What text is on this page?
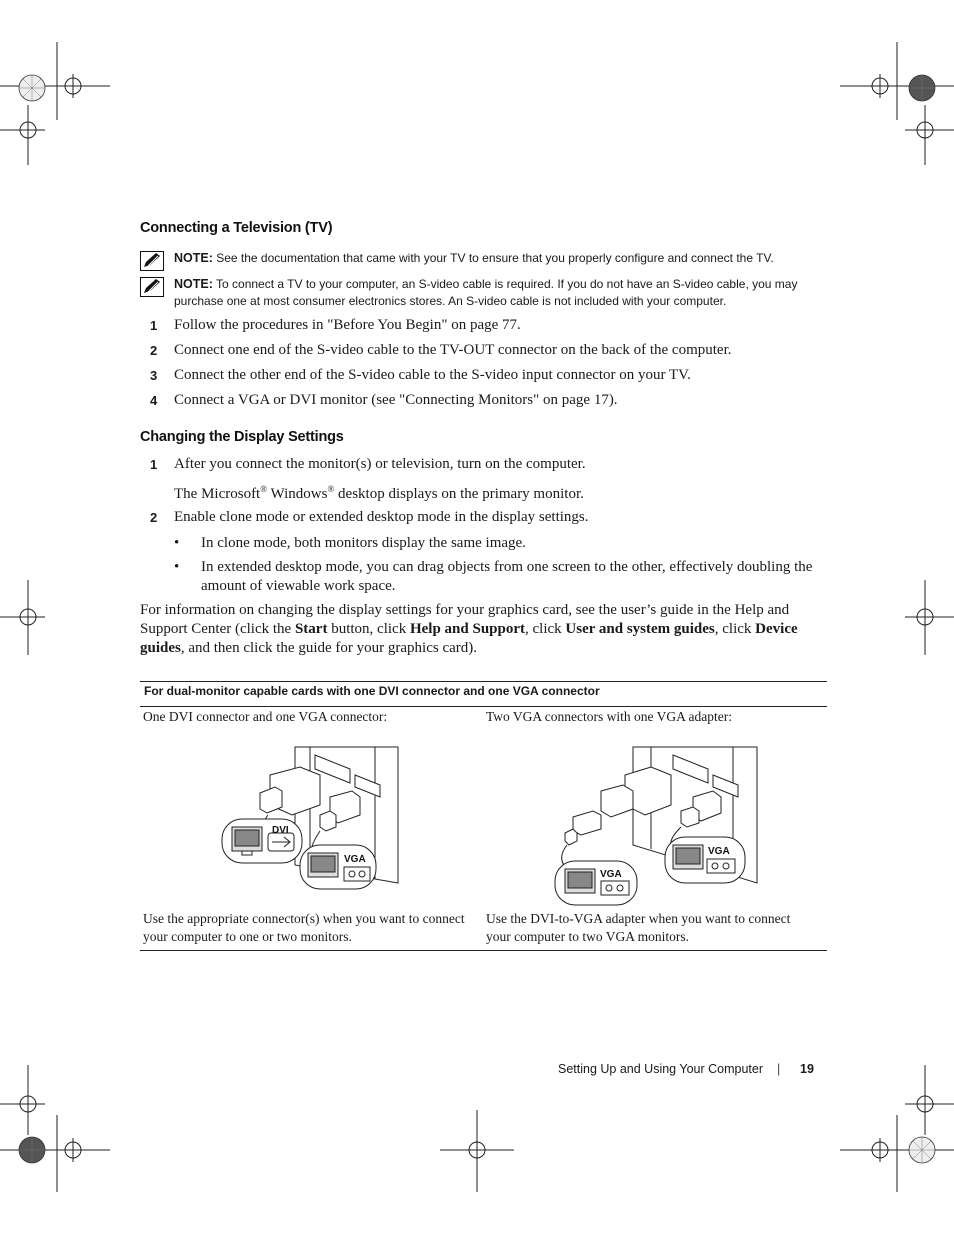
Connecting a Television (TV)
NOTE: See the documentation that came with your TV to ensure that you properly configure and connect the TV.
NOTE: To connect a TV to your computer, an S-video cable is required. If you do not have an S-video cable, you may purchase one at most consumer electronics stores. An S-video cable is not included with your computer.
1 Follow the procedures in "Before You Begin" on page 77.
2 Connect one end of the S-video cable to the TV-OUT connector on the back of the computer.
3 Connect the other end of the S-video cable to the S-video input connector on your TV.
4 Connect a VGA or DVI monitor (see "Connecting Monitors" on page 17).
Changing the Display Settings
1 After you connect the monitor(s) or television, turn on the computer.
The Microsoft® Windows® desktop displays on the primary monitor.
2 Enable clone mode or extended desktop mode in the display settings.
• In clone mode, both monitors display the same image.
• In extended desktop mode, you can drag objects from one screen to the other, effectively doubling the amount of viewable work space.
For information on changing the display settings for your graphics card, see the user’s guide in the Help and Support Center (click the Start button, click Help and Support, click User and system guides, click Device guides, and then click the guide for your graphics card).
For dual-monitor capable cards with one DVI connector and one VGA connector
One DVI connector and one VGA connector:	Two VGA connectors with one VGA adapter:
DVI
VGA
VGA
VGA
Use the appropriate connector(s) when you want to connect your computer to one or two monitors.
Use the DVI-to-VGA adapter when you want to connect your computer to two VGA monitors.
Setting Up and Using Your Computer | 19
